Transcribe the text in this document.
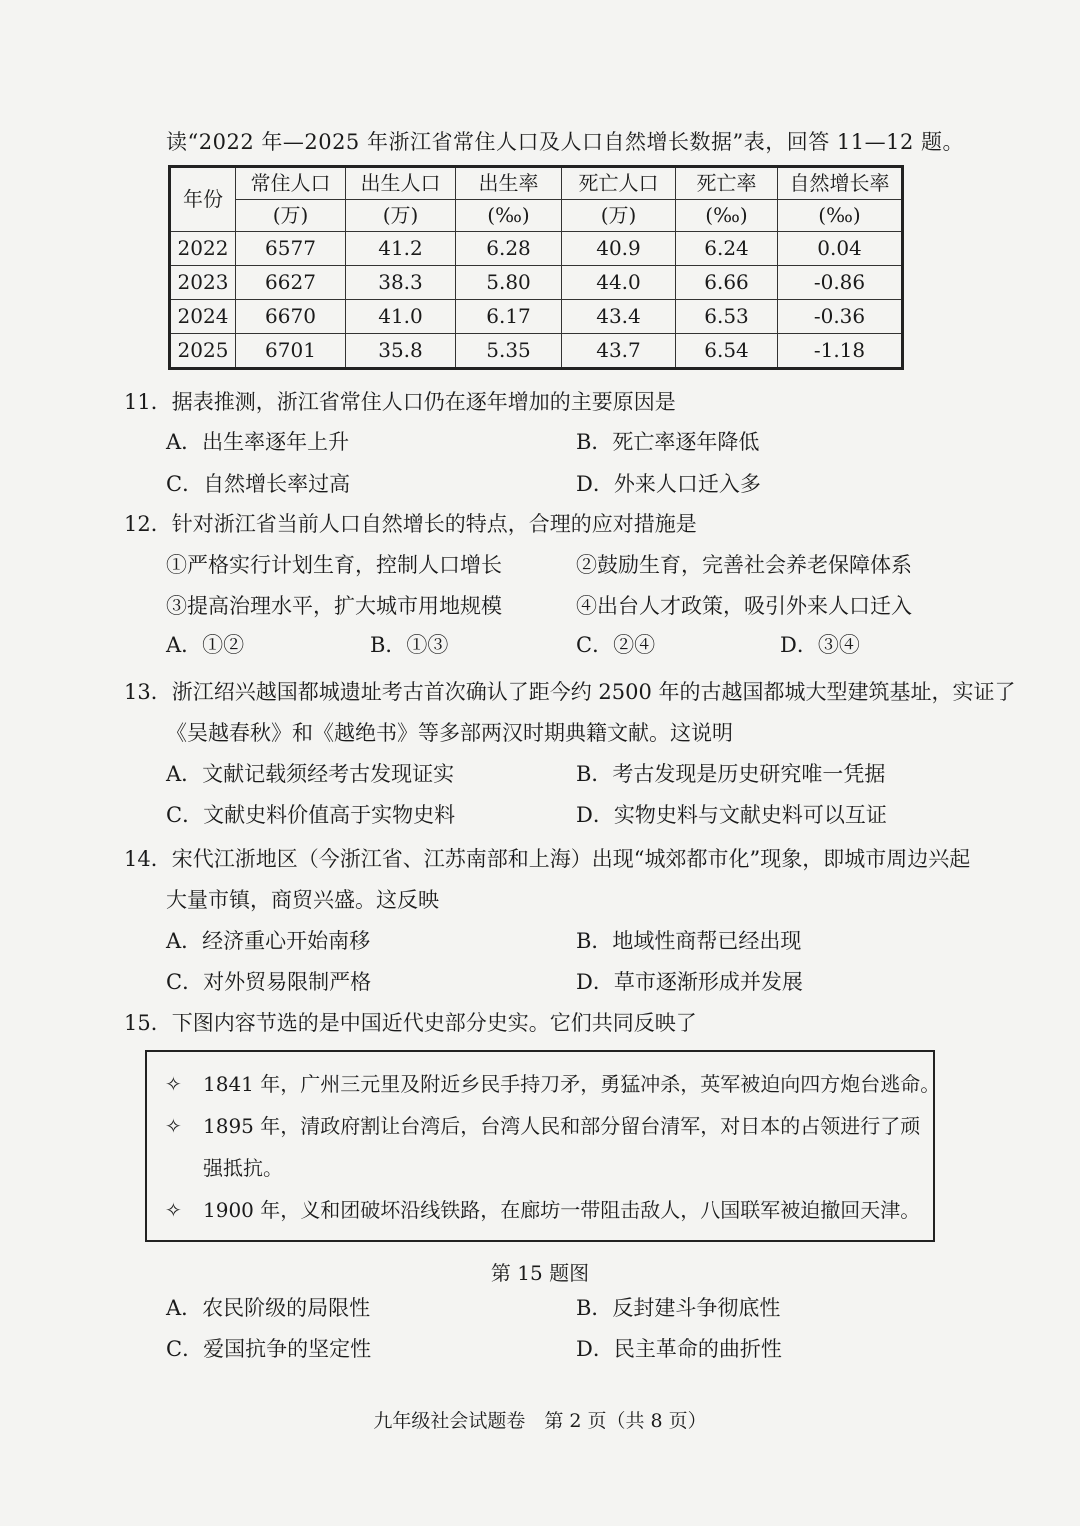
读“2022 年—2025 年浙江省常住人口及人口自然增长数据”表，回答 11—12 题。
年份	常住人口	出生人口	出生率	死亡人口	死亡率	自然增长率
	(万)	(万)	(‰)	(万)	(‰)	(‰)
2022	6577	41.2	6.28	40.9	6.24	0.04
2023	6627	38.3	5.80	44.0	6.66	-0.86
2024	6670	41.0	6.17	43.4	6.53	-0.36
2025	6701	35.8	5.35	43.7	6.54	-1.18
11．据表推测，浙江省常住人口仍在逐年增加的主要原因是
A．出生率逐年上升	B．死亡率逐年降低
C．自然增长率过高	D．外来人口迁入多
12．针对浙江省当前人口自然增长的特点，合理的应对措施是
①严格实行计划生育，控制人口增长	②鼓励生育，完善社会养老保障体系
③提高治理水平，扩大城市用地规模	④出台人才政策，吸引外来人口迁入
A．①②	B．①③	C．②④	D．③④
13．浙江绍兴越国都城遗址考古首次确认了距今约 2500 年的古越国都城大型建筑基址，实证了
《吴越春秋》和《越绝书》等多部两汉时期典籍文献。这说明
A．文献记载须经考古发现证实	B．考古发现是历史研究唯一凭据
C．文献史料价值高于实物史料	D．实物史料与文献史料可以互证
14．宋代江浙地区（今浙江省、江苏南部和上海）出现“城郊都市化”现象，即城市周边兴起
大量市镇，商贸兴盛。这反映
A．经济重心开始南移	B．地域性商帮已经出现
C．对外贸易限制严格	D．草市逐渐形成并发展
15．下图内容节选的是中国近代史部分史实。它们共同反映了
✧ 1841 年，广州三元里及附近乡民手持刀矛，勇猛冲杀，英军被迫向四方炮台逃命。
✧ 1895 年，清政府割让台湾后，台湾人民和部分留台清军，对日本的占领进行了顽
强抵抗。
✧ 1900 年，义和团破坏沿线铁路，在廊坊一带阻击敌人，八国联军被迫撤回天津。
第 15 题图
A．农民阶级的局限性	B．反封建斗争彻底性
C．爱国抗争的坚定性	D．民主革命的曲折性
九年级社会试题卷　第 2 页（共 8 页）
